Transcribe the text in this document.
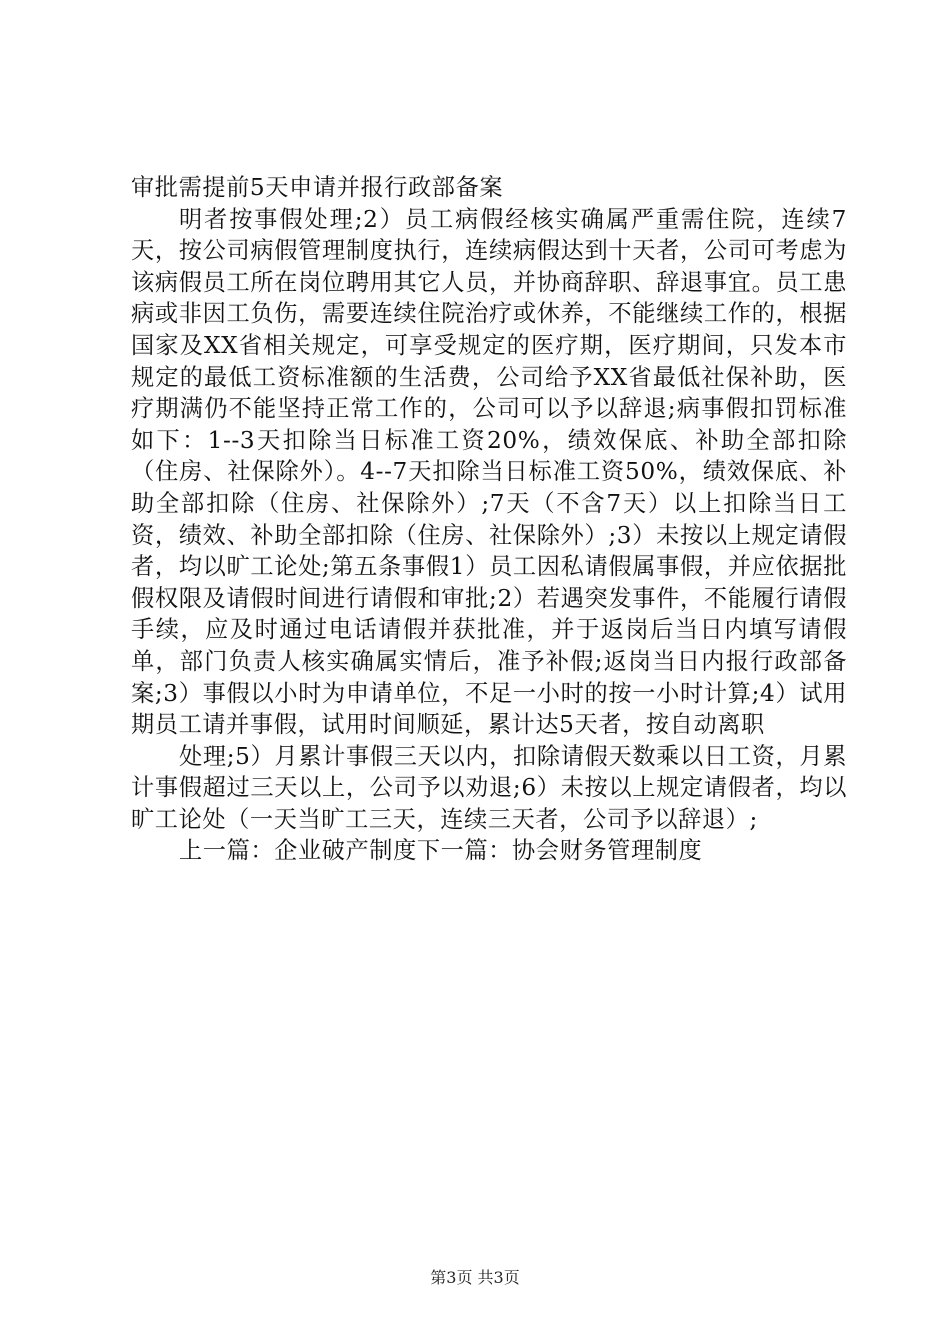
审批需提前5天申请并报行政部备案

明者按事假处理;2）员工病假经核实确属严重需住院，连续7天，按公司病假管理制度执行，连续病假达到十天者，公司可考虑为该病假员工所在岗位聘用其它人员，并协商辞职、辞退事宜。员工患病或非因工负伤，需要连续住院治疗或休养，不能继续工作的，根据国家及XX省相关规定，可享受规定的医疗期，医疗期间，只发本市规定的最低工资标准额的生活费，公司给予XX省最低社保补助，医疗期满仍不能坚持正常工作的，公司可以予以辞退;病事假扣罚标准如下：1--3天扣除当日标准工资20%，绩效保底、补助全部扣除（住房、社保除外）。4--7天扣除当日标准工资50%，绩效保底、补助全部扣除（住房、社保除外）;7天（不含7天）以上扣除当日工资，绩效、补助全部扣除（住房、社保除外）;3）未按以上规定请假者，均以旷工论处;第五条事假1）员工因私请假属事假，并应依据批假权限及请假时间进行请假和审批;2）若遇突发事件，不能履行请假手续，应及时通过电话请假并获批准，并于返岗后当日内填写请假单，部门负责人核实确属实情后，准予补假;返岗当日内报行政部备案;3）事假以小时为申请单位，不足一小时的按一小时计算;4）试用期员工请并事假，试用时间顺延，累计达5天者，按自动离职

处理;5）月累计事假三天以内，扣除请假天数乘以日工资，月累计事假超过三天以上，公司予以劝退;6）未按以上规定请假者，均以旷工论处（一天当旷工三天，连续三天者，公司予以辞退）;

上一篇：企业破产制度下一篇：协会财务管理制度

第3页 共3页
